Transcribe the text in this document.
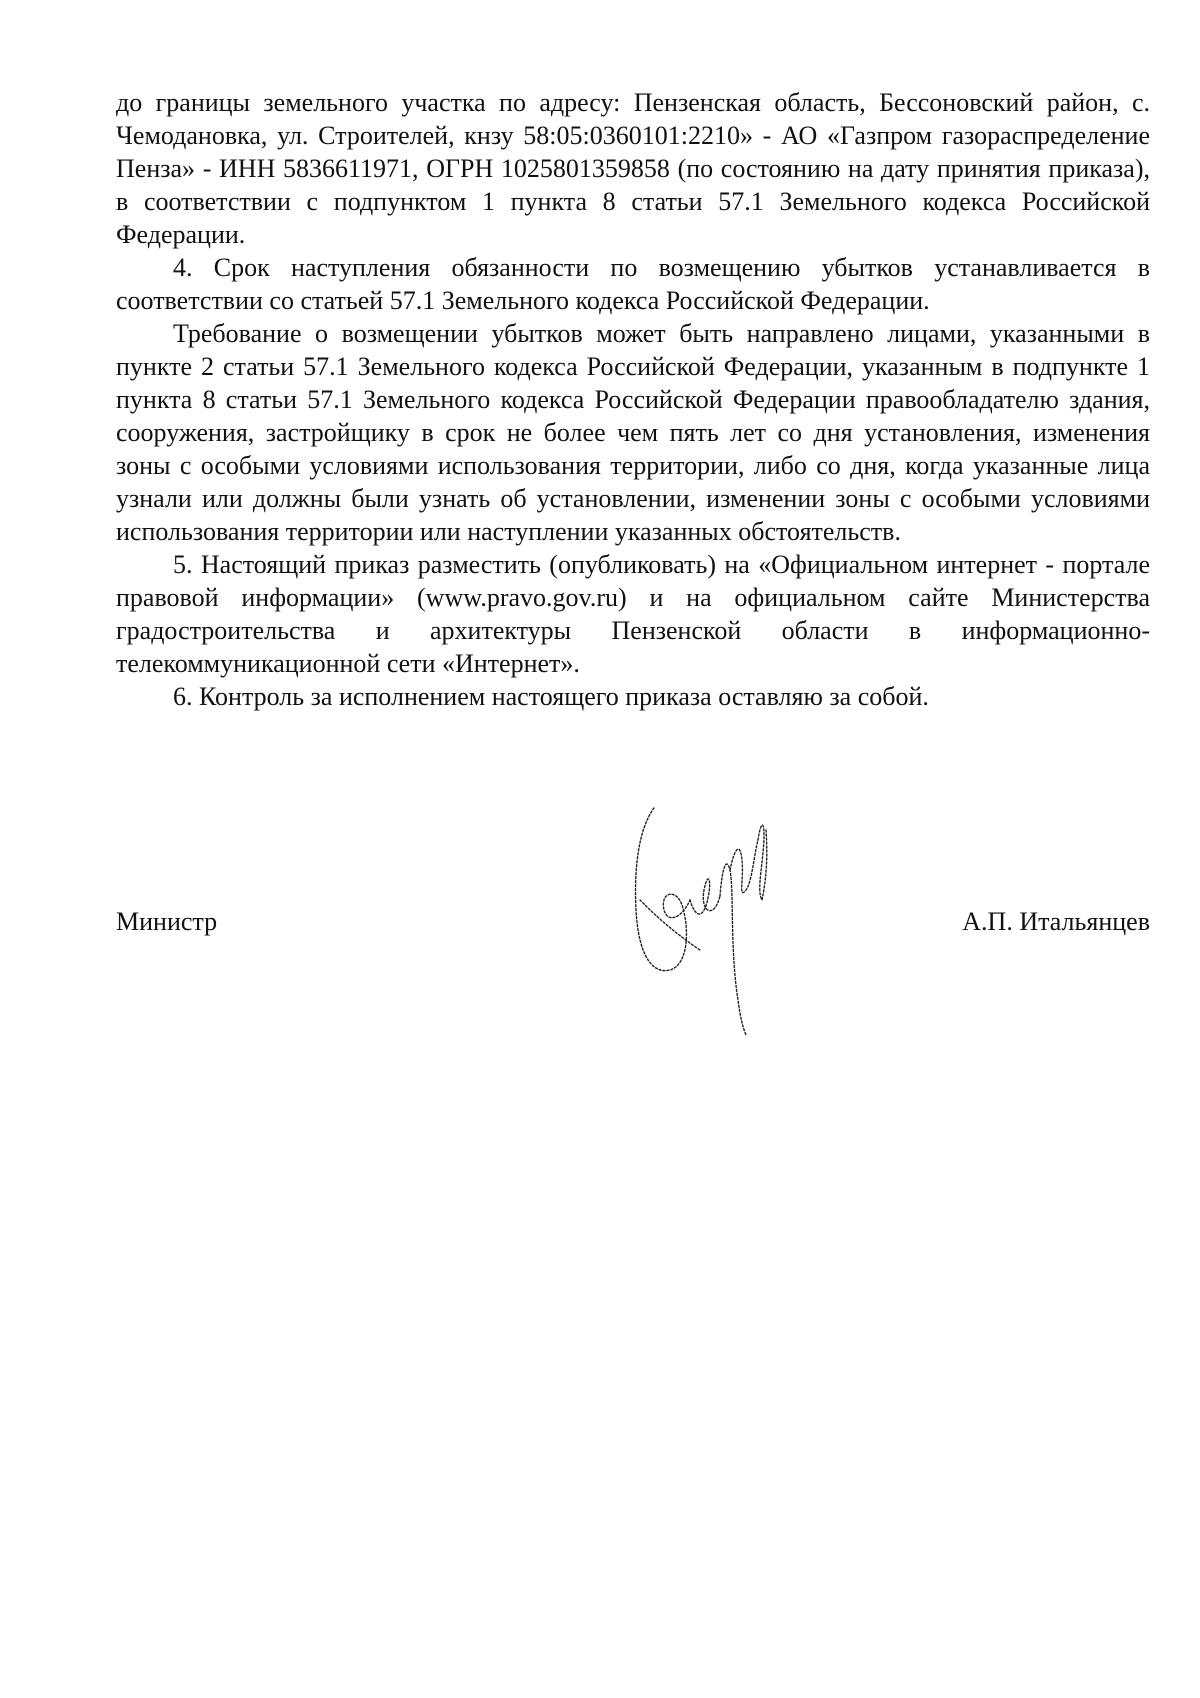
до границы земельного участка по адресу: Пензенская область, Бессоновский район, с. Чемодановка, ул. Строителей, кнзу 58:05:0360101:2210» - АО «Газпром газораспределение Пенза» - ИНН 5836611971, ОГРН 1025801359858 (по состоянию на дату принятия приказа), в соответствии с подпунктом 1 пункта 8 статьи 57.1 Земельного кодекса Российской Федерации.

4. Срок наступления обязанности по возмещению убытков устанавливается в соответствии со статьей 57.1 Земельного кодекса Российской Федерации.

Требование о возмещении убытков может быть направлено лицами, указанными в пункте 2 статьи 57.1 Земельного кодекса Российской Федерации, указанным в подпункте 1 пункта 8 статьи 57.1 Земельного кодекса Российской Федерации правообладателю здания, сооружения, застройщику в срок не более чем пять лет со дня установления, изменения зоны с особыми условиями использования территории, либо со дня, когда указанные лица узнали или должны были узнать об установлении, изменении зоны с особыми условиями использования территории или наступлении указанных обстоятельств.

5. Настоящий приказ разместить (опубликовать) на «Официальном интернет - портале правовой информации» (www.pravo.gov.ru) и на официальном сайте Министерства градостроительства и архитектуры Пензенской области в информационно-телекоммуникационной сети «Интернет».

6. Контроль за исполнением настоящего приказа оставляю за собой.

Министр	А.П. Итальянцев
